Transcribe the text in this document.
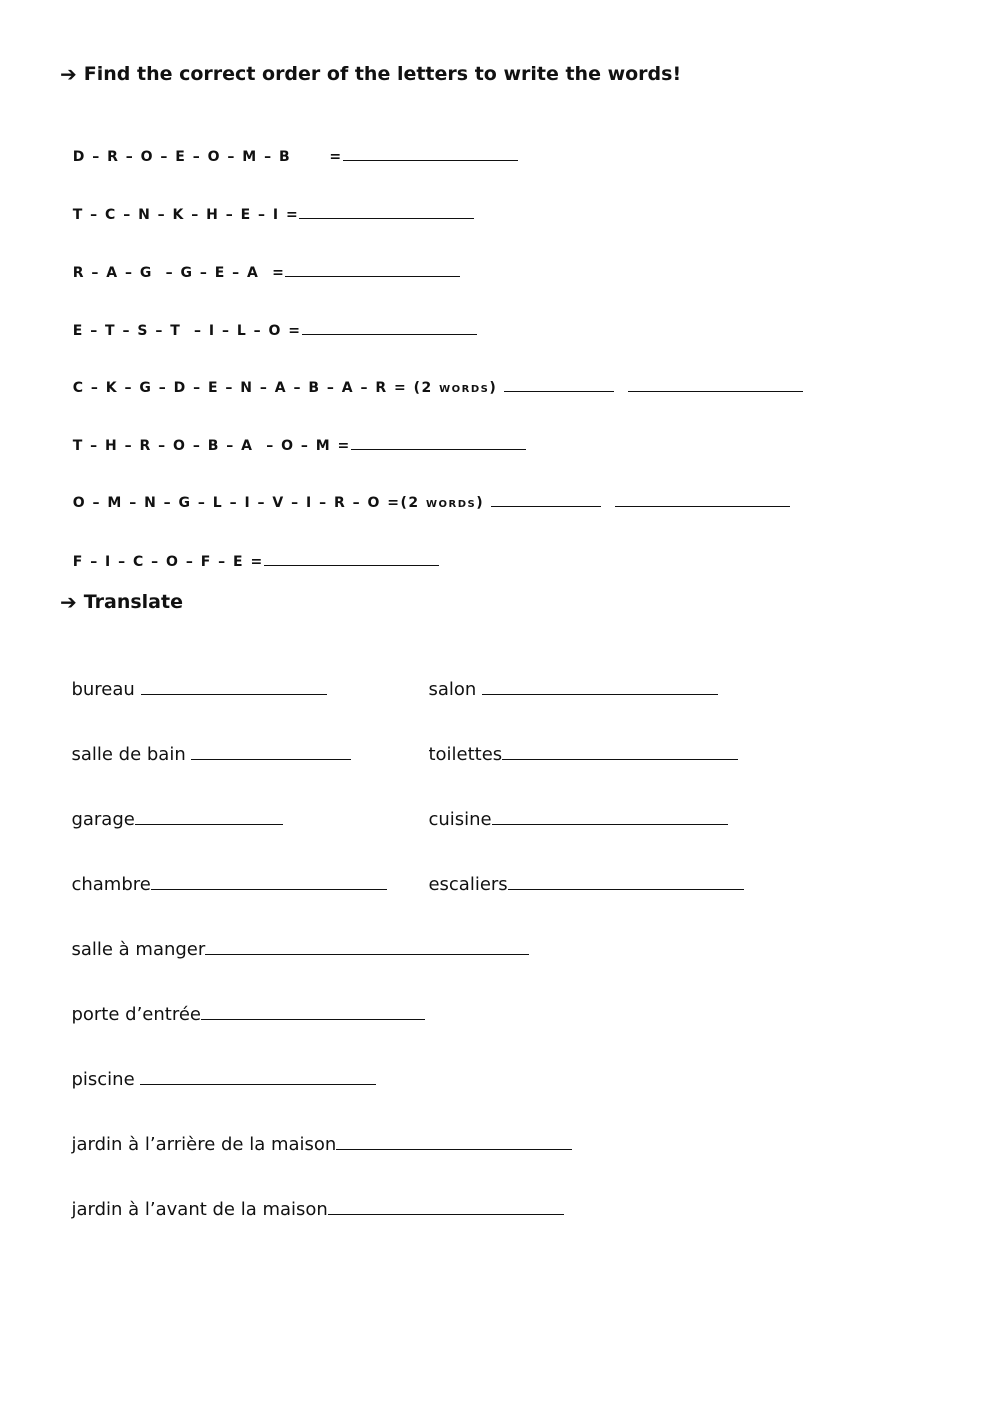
➔ Find the correct order of the letters to write the words!

D – R – O – E – O – M – B      =

T – C – N – K – H – E – I =

R – A – G  – G – E – A  =

E – T – S – T  – I – L – O =

C – K – G – D – E – N – A – B – A – R = (2 words)

T – H – R – O – B – A  – O – M =

O – M – N – G – L – I – V – I – R – O =(2 words)

F – I – C – O – F – E =

➔ Translate

bureau	salon

salle de bain	toilettes

garage	cuisine

chambre	escaliers

salle à manger

porte d’entrée

piscine

jardin à l’arrière de la maison

jardin à l’avant de la maison
